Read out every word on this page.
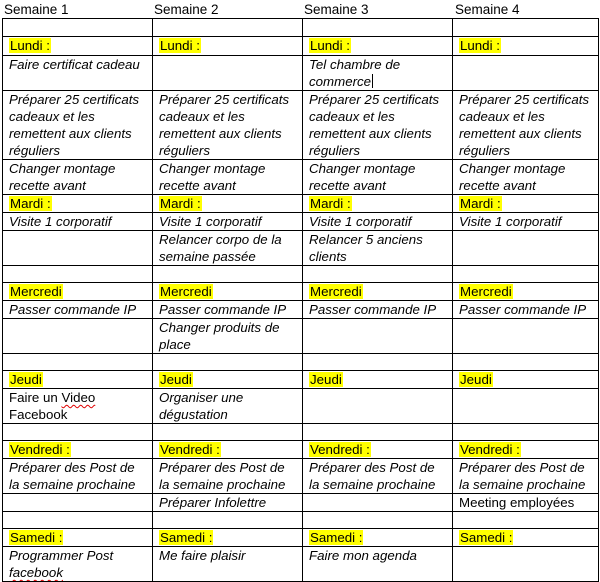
Semaine 1	Semaine 2	Semaine 3	Semaine 4

Lundi :	Lundi :	Lundi :	Lundi :
Faire certificat cadeau		Tel chambre de commerce	
Préparer 25 certificats cadeaux et les remettent aux clients réguliers	Préparer 25 certificats cadeaux et les remettent aux clients réguliers	Préparer 25 certificats cadeaux et les remettent aux clients réguliers	Préparer 25 certificats cadeaux et les remettent aux clients réguliers
Changer montage recette avant	Changer montage recette avant	Changer montage recette avant	Changer montage recette avant
Mardi :	Mardi :	Mardi :	Mardi :
Visite 1 corporatif	Visite 1 corporatif	Visite 1 corporatif	Visite 1 corporatif
	Relancer corpo de la semaine passée	Relancer 5 anciens clients	

Mercredi	Mercredi	Mercredi	Mercredi
Passer commande IP	Passer commande IP	Passer commande IP	Passer commande IP
	Changer produits de place		

Jeudi	Jeudi	Jeudi	Jeudi
Faire un Video Facebook	Organiser une dégustation		

Vendredi :	Vendredi :	Vendredi :	Vendredi :
Préparer des Post de la semaine prochaine	Préparer des Post de la semaine prochaine	Préparer des Post de la semaine prochaine	Préparer des Post de la semaine prochaine
	Préparer Infolettre		Meeting employées

Samedi :	Samedi :	Samedi :	Samedi :
Programmer Post facebook	Me faire plaisir	Faire mon agenda	
